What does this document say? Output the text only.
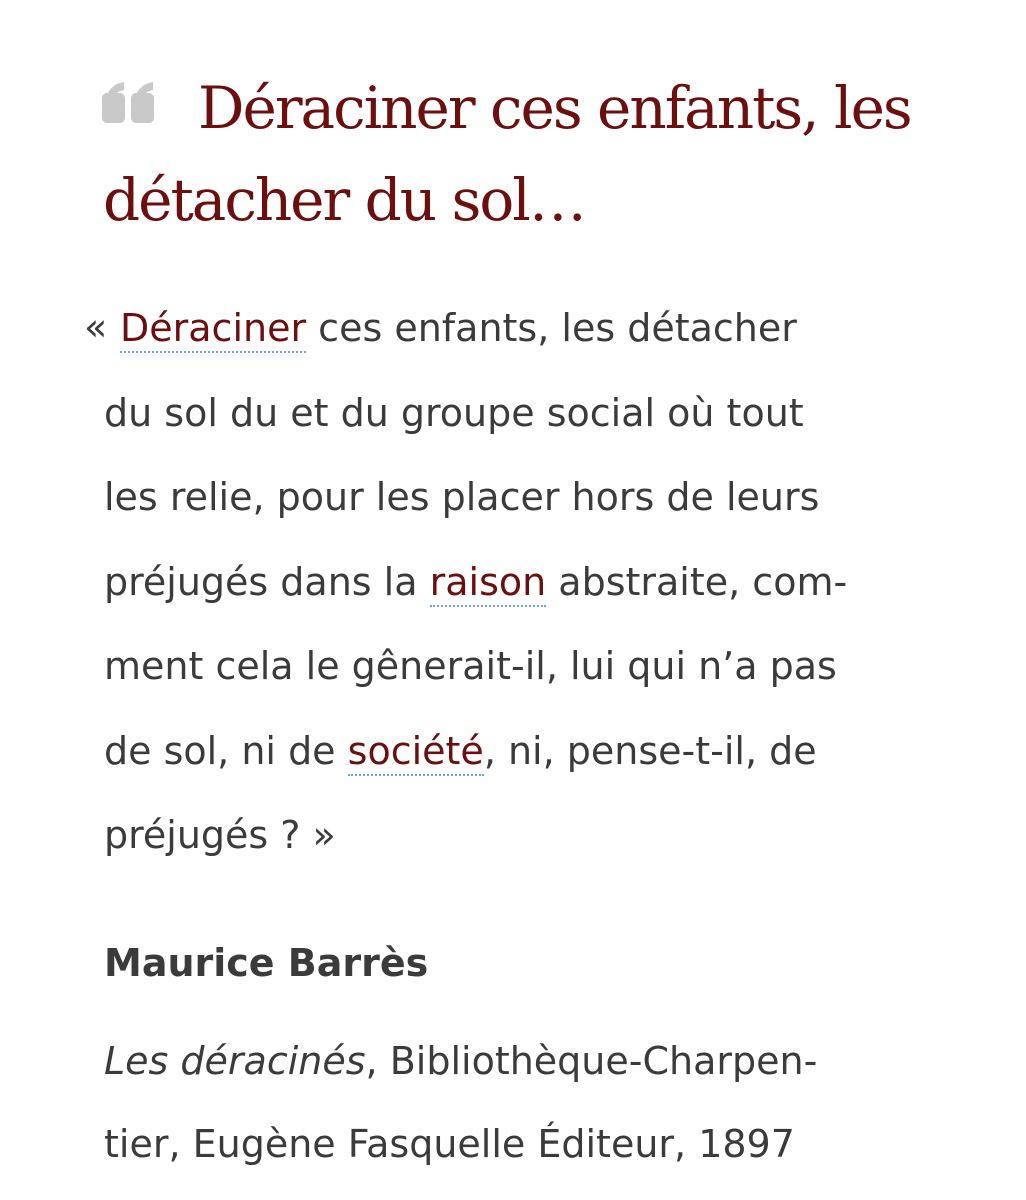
Déraciner ces enfants, les
détacher du sol…
« Déraciner ces enfants, les détacher
du sol du et du groupe social où tout
les relie, pour les placer hors de leurs
préjugés dans la raison abstraite, com-
ment cela le gênerait-il, lui qui n’a pas
de sol, ni de société, ni, pense-t-il, de
préjugés ? »

Maurice Barrès

Les déracinés, Bibliothèque-Charpen-
tier, Eugène Fasquelle Éditeur, 1897
